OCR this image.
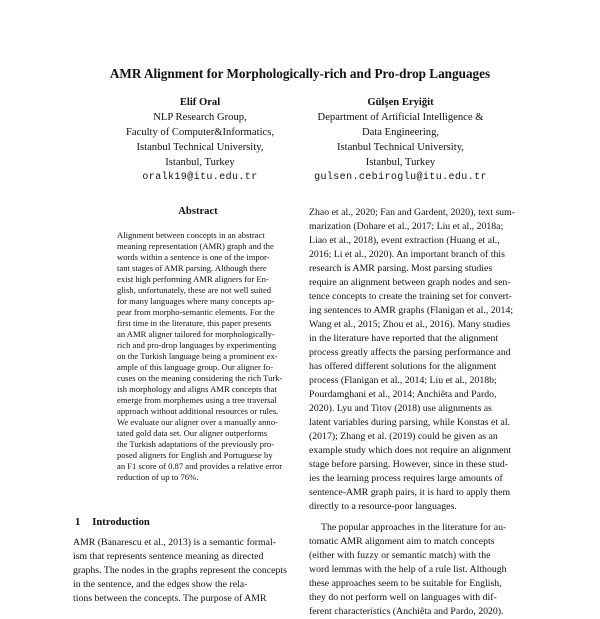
AMR Alignment for Morphologically-rich and Pro-drop Languages
Elif Oral
NLP Research Group,
Faculty of Computer&Informatics,
Istanbul Technical University,
Istanbul, Turkey
oralk19@itu.edu.tr
Gülşen Eryiğit
Department of Artificial Intelligence &
Data Engineering,
Istanbul Technical University,
Istanbul, Turkey
gulsen.cebiroglu@itu.edu.tr
Abstract
Alignment between concepts in an abstract
meaning representation (AMR) graph and the
words within a sentence is one of the impor-
tant stages of AMR parsing. Although there
exist high performing AMR aligners for En-
glish, unfortunately, these are not well suited
for many languages where many concepts ap-
pear from morpho-semantic elements. For the
first time in the literature, this paper presents
an AMR aligner tailored for morphologically-
rich and pro-drop languages by experimenting
on the Turkish language being a prominent ex-
ample of this language group. Our aligner fo-
cuses on the meaning considering the rich Turk-
ish morphology and aligns AMR concepts that
emerge from morphemes using a tree traversal
approach without additional resources or rules.
We evaluate our aligner over a manually anno-
tated gold data set. Our aligner outperforms
the Turkish adaptations of the previously pro-
posed aligners for English and Portuguese by
an F1 score of 0.87 and provides a relative error
reduction of up to 76%.
1 Introduction
AMR (Banarescu et al., 2013) is a semantic formal-
ism that represents sentence meaning as directed
graphs. The nodes in the graphs represent the concepts
in the sentence, and the edges show the rela-
tions between the concepts. The purpose of AMR
Zhao et al., 2020; Fan and Gardent, 2020), text sum-
marization (Dohare et al., 2017; Liu et al., 2018a;
Liao et al., 2018), event extraction (Huang et al.,
2016; Li et al., 2020). An important branch of this
research is AMR parsing. Most parsing studies
require an alignment between graph nodes and sen-
tence concepts to create the training set for convert-
ing sentences to AMR graphs (Flanigan et al., 2014;
Wang et al., 2015; Zhou et al., 2016). Many studies
in the literature have reported that the alignment
process greatly affects the parsing performance and
has offered different solutions for the alignment
process (Flanigan et al., 2014; Liu et al., 2018b;
Pourdamghani et al., 2014; Anchiêta and Pardo,
2020). Lyu and Titov (2018) use alignments as
latent variables during parsing, while Konstas et al.
(2017); Zhang et al. (2019) could be given as an
example study which does not require an alignment
stage before parsing. However, since in these stud-
ies the learning process requires large amounts of
sentence-AMR graph pairs, it is hard to apply them
directly to a resource-poor languages.
The popular approaches in the literature for au-
tomatic AMR alignment aim to match concepts
(either with fuzzy or semantic match) with the
word lemmas with the help of a rule list. Although
these approaches seem to be suitable for English,
they do not perform well on languages with dif-
ferent characteristics (Anchiêta and Pardo, 2020).
